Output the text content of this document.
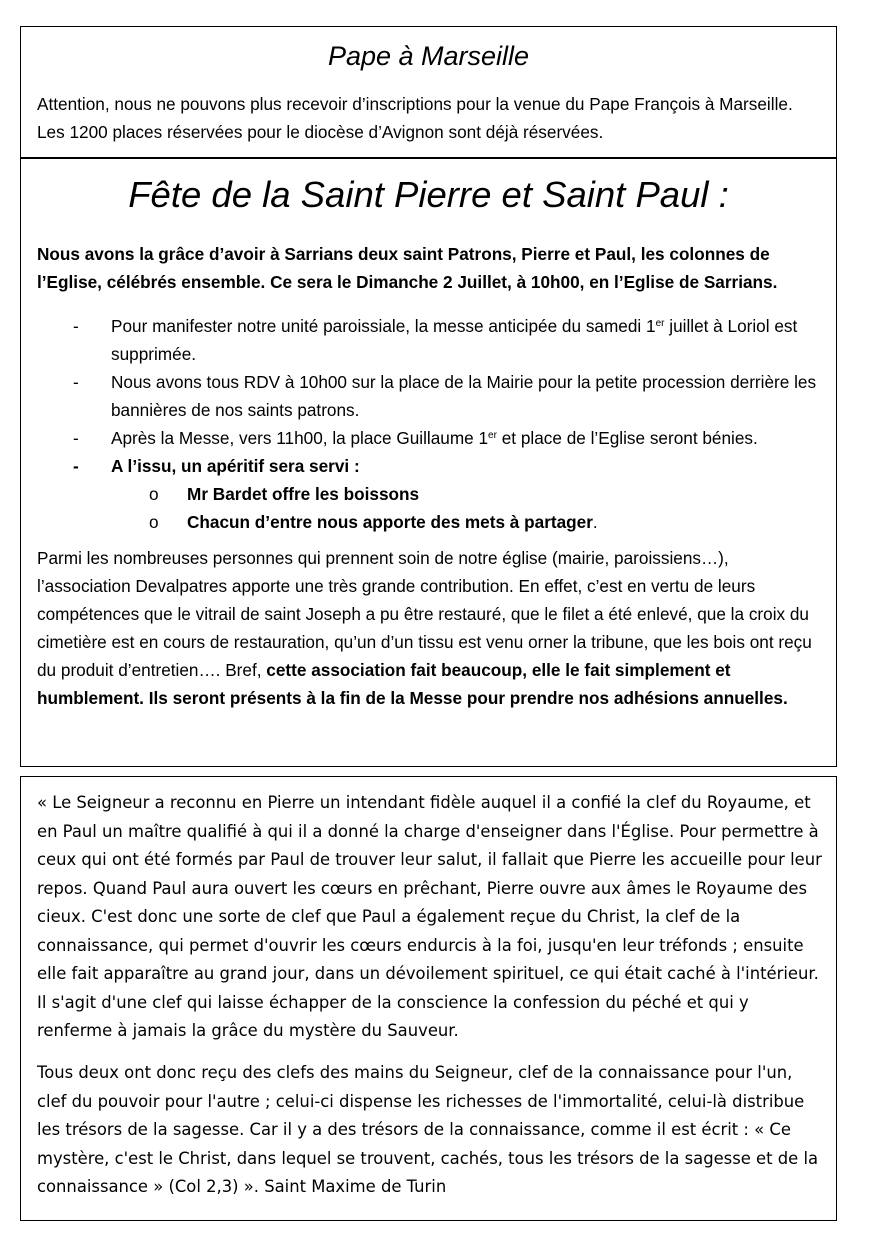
Pape à Marseille

Attention, nous ne pouvons plus recevoir d’inscriptions pour la venue du Pape François à Marseille. Les 1200 places réservées pour le diocèse d’Avignon sont déjà réservées.

Fête de la Saint Pierre et Saint Paul :

Nous avons la grâce d’avoir à Sarrians deux saint Patrons, Pierre et Paul, les colonnes de l’Eglise, célébrés ensemble. Ce sera le Dimanche 2 Juillet, à 10h00, en l’Eglise de Sarrians.

- Pour manifester notre unité paroissiale, la messe anticipée du samedi 1er juillet à Loriol est supprimée.
- Nous avons tous RDV à 10h00 sur la place de la Mairie pour la petite procession derrière les bannières de nos saints patrons.
- Après la Messe, vers 11h00, la place Guillaume 1er et place de l’Eglise seront bénies.
- A l’issu, un apéritif sera servi :
o Mr Bardet offre les boissons
o Chacun d’entre nous apporte des mets à partager.

Parmi les nombreuses personnes qui prennent soin de notre église (mairie, paroissiens…), l’association Devalpatres apporte une très grande contribution. En effet, c’est en vertu de leurs compétences que le vitrail de saint Joseph a pu être restauré, que le filet a été enlevé, que la croix du cimetière est en cours de restauration, qu’un d’un tissu est venu orner la tribune, que les bois ont reçu du produit d’entretien…. Bref, cette association fait beaucoup, elle le fait simplement et humblement. Ils seront présents à la fin de la Messe pour prendre nos adhésions annuelles.

« Le Seigneur a reconnu en Pierre un intendant fidèle auquel il a confié la clef du Royaume, et en Paul un maître qualifié à qui il a donné la charge d'enseigner dans l'Église. Pour permettre à ceux qui ont été formés par Paul de trouver leur salut, il fallait que Pierre les accueille pour leur repos. Quand Paul aura ouvert les cœurs en prêchant, Pierre ouvre aux âmes le Royaume des cieux. C'est donc une sorte de clef que Paul a également reçue du Christ, la clef de la connaissance, qui permet d'ouvrir les cœurs endurcis à la foi, jusqu'en leur tréfonds ; ensuite elle fait apparaître au grand jour, dans un dévoilement spirituel, ce qui était caché à l'intérieur. Il s'agit d'une clef qui laisse échapper de la conscience la confession du péché et qui y renferme à jamais la grâce du mystère du Sauveur.

Tous deux ont donc reçu des clefs des mains du Seigneur, clef de la connaissance pour l'un, clef du pouvoir pour l'autre ; celui-ci dispense les richesses de l'immortalité, celui-là distribue les trésors de la sagesse. Car il y a des trésors de la connaissance, comme il est écrit : « Ce mystère, c'est le Christ, dans lequel se trouvent, cachés, tous les trésors de la sagesse et de la connaissance » (Col 2,3) ». Saint Maxime de Turin
